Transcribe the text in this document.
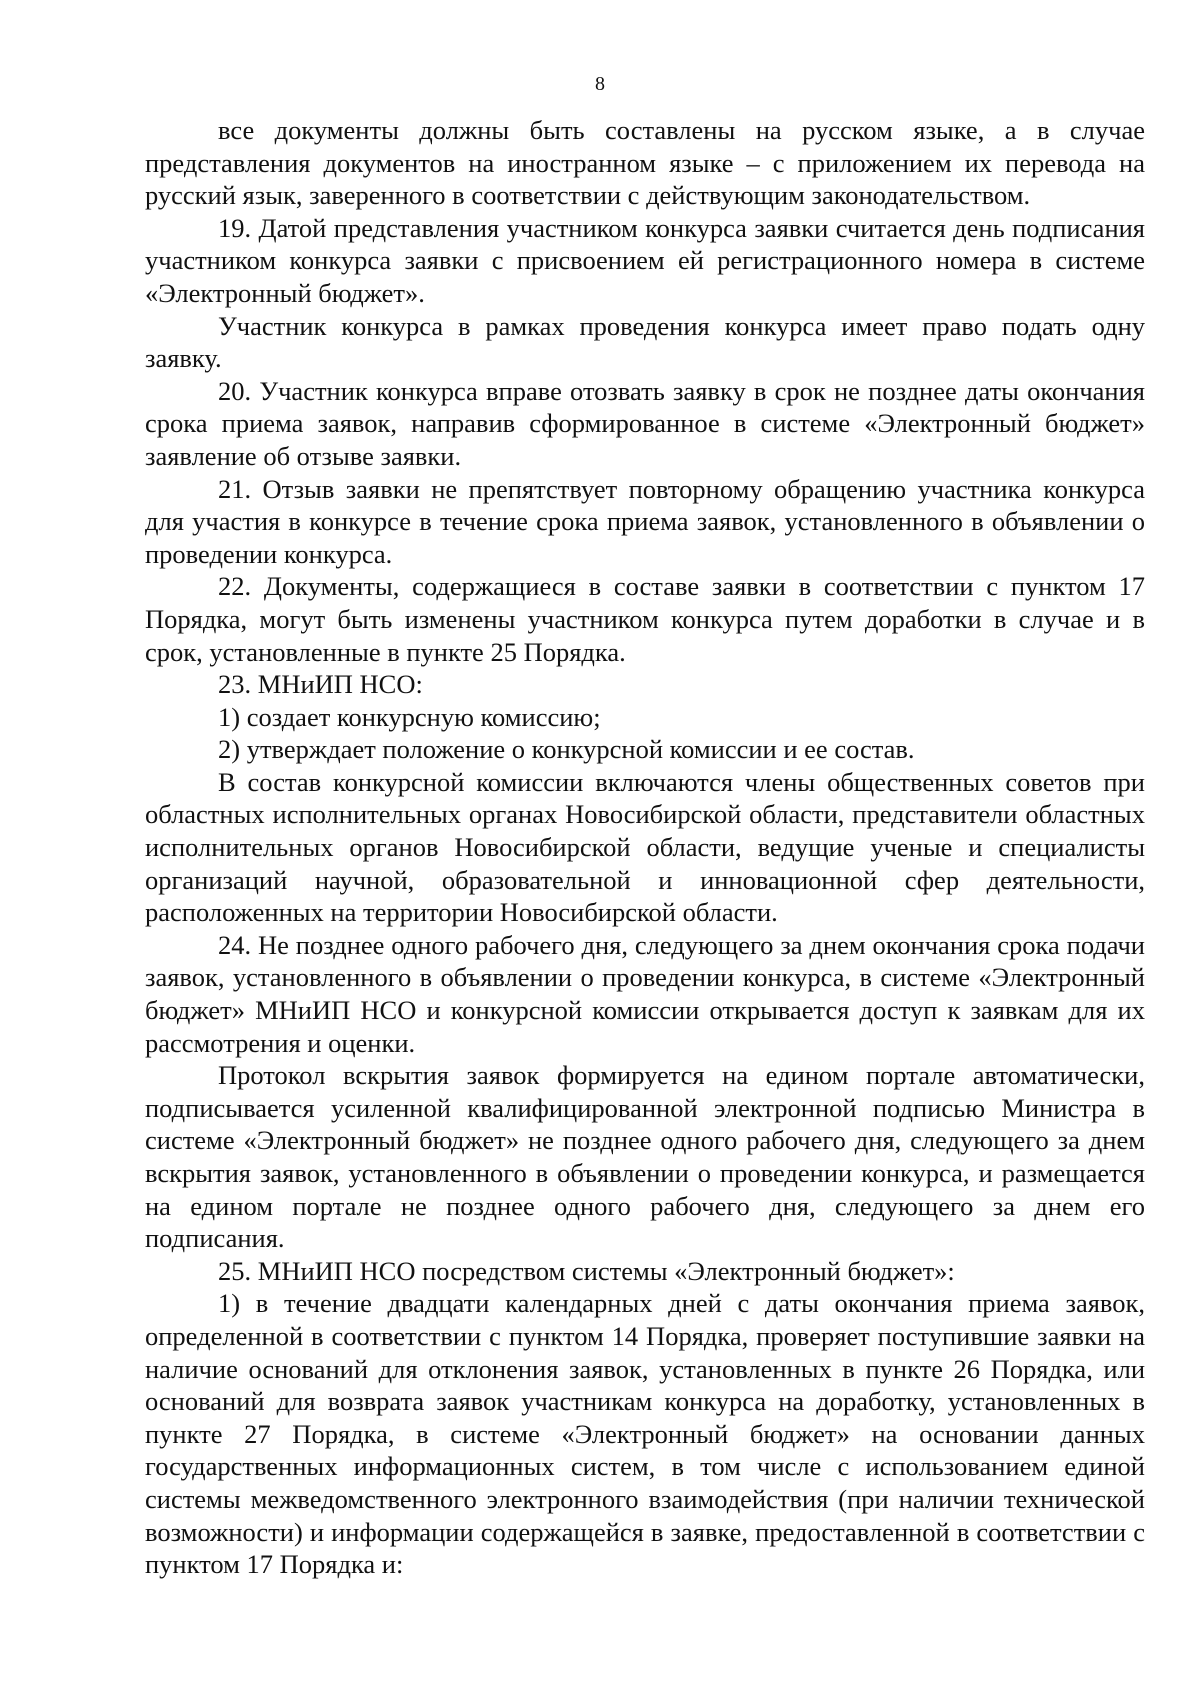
8

все документы должны быть составлены на русском языке, а в случае представления документов на иностранном языке – с приложением их перевода на русский язык, заверенного в соответствии с действующим законодательством.

19. Датой представления участником конкурса заявки считается день подписания участником конкурса заявки с присвоением ей регистрационного номера в системе «Электронный бюджет».

Участник конкурса в рамках проведения конкурса имеет право подать одну заявку.

20. Участник конкурса вправе отозвать заявку в срок не позднее даты окончания срока приема заявок, направив сформированное в системе «Электронный бюджет» заявление об отзыве заявки.

21. Отзыв заявки не препятствует повторному обращению участника конкурса для участия в конкурсе в течение срока приема заявок, установленного в объявлении о проведении конкурса.

22. Документы, содержащиеся в составе заявки в соответствии с пунктом 17 Порядка, могут быть изменены участником конкурса путем доработки в случае и в срок, установленные в пункте 25 Порядка.

23. МНиИП НСО:

1) создает конкурсную комиссию;

2) утверждает положение о конкурсной комиссии и ее состав.

В состав конкурсной комиссии включаются члены общественных советов при областных исполнительных органах Новосибирской области, представители областных исполнительных органов Новосибирской области, ведущие ученые и специалисты организаций научной, образовательной и инновационной сфер деятельности, расположенных на территории Новосибирской области.

24. Не позднее одного рабочего дня, следующего за днем окончания срока подачи заявок, установленного в объявлении о проведении конкурса, в системе «Электронный бюджет» МНиИП НСО и конкурсной комиссии открывается доступ к заявкам для их рассмотрения и оценки.

Протокол вскрытия заявок формируется на едином портале автоматически, подписывается усиленной квалифицированной электронной подписью Министра в системе «Электронный бюджет» не позднее одного рабочего дня, следующего за днем вскрытия заявок, установленного в объявлении о проведении конкурса, и размещается на едином портале не позднее одного рабочего дня, следующего за днем его подписания.

25. МНиИП НСО посредством системы «Электронный бюджет»:

1) в течение двадцати календарных дней с даты окончания приема заявок, определенной в соответствии с пунктом 14 Порядка, проверяет поступившие заявки на наличие оснований для отклонения заявок, установленных в пункте 26 Порядка, или оснований для возврата заявок участникам конкурса на доработку, установленных в пункте 27 Порядка, в системе «Электронный бюджет» на основании данных государственных информационных систем, в том числе с использованием единой системы межведомственного электронного взаимодействия (при наличии технической возможности) и информации содержащейся в заявке, предоставленной в соответствии с пунктом 17 Порядка и:
